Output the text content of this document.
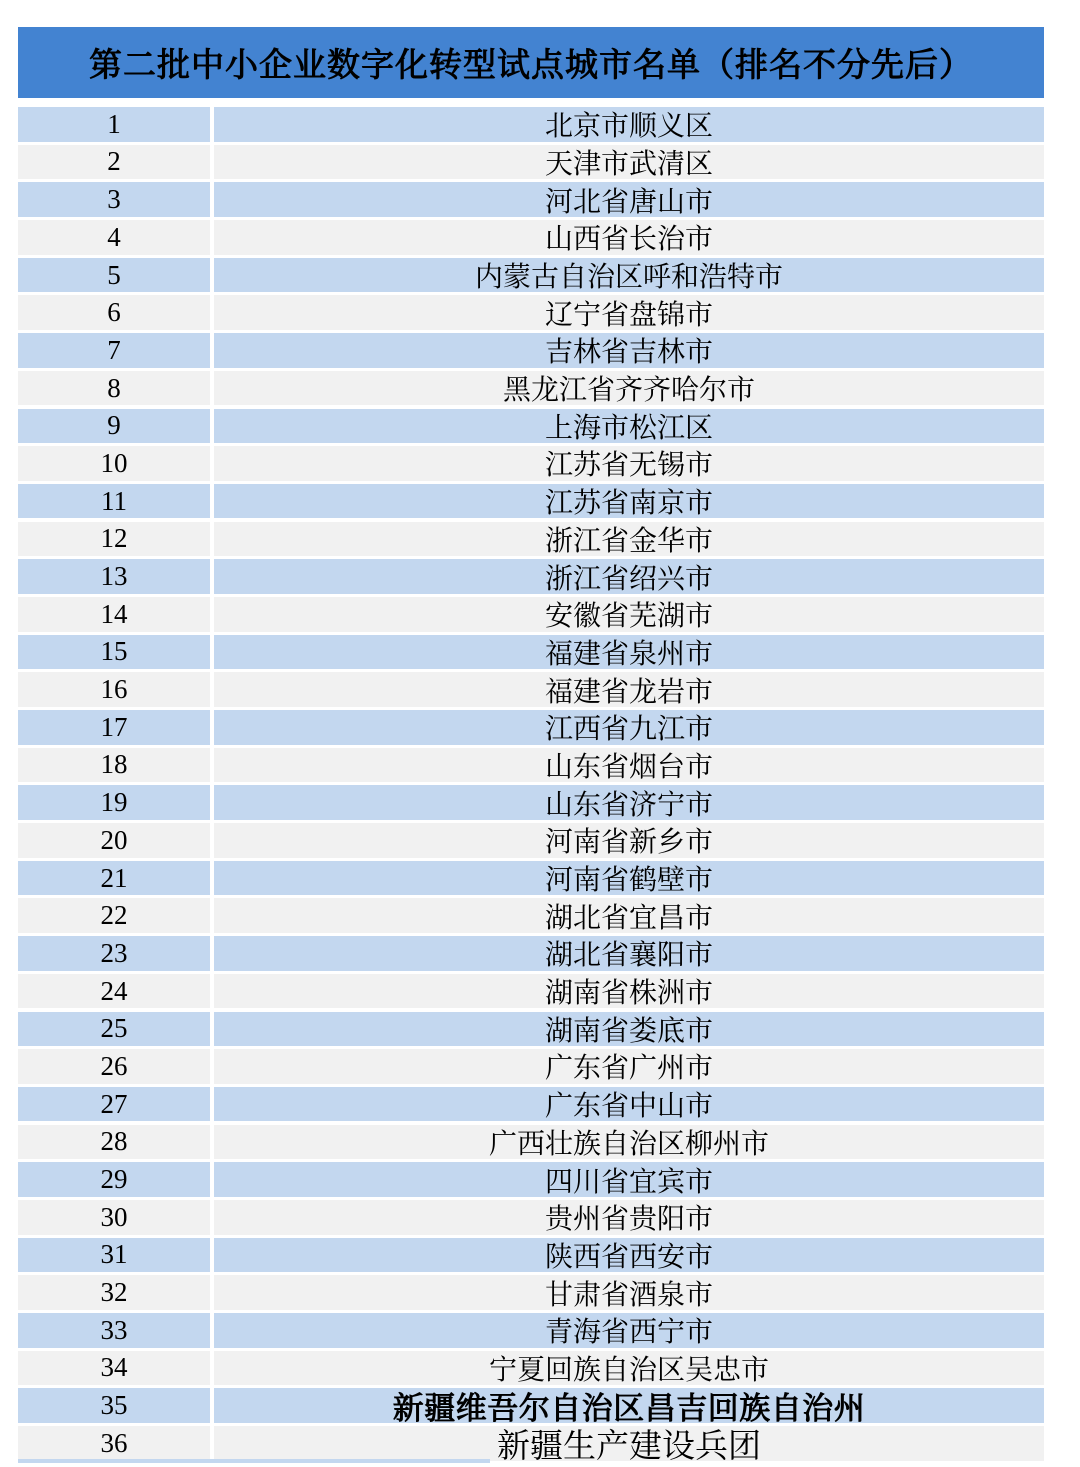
第二批中小企业数字化转型试点城市名单（排名不分先后）
1	北京市顺义区
2	天津市武清区
3	河北省唐山市
4	山西省长治市
5	内蒙古自治区呼和浩特市
6	辽宁省盘锦市
7	吉林省吉林市
8	黑龙江省齐齐哈尔市
9	上海市松江区
10	江苏省无锡市
11	江苏省南京市
12	浙江省金华市
13	浙江省绍兴市
14	安徽省芜湖市
15	福建省泉州市
16	福建省龙岩市
17	江西省九江市
18	山东省烟台市
19	山东省济宁市
20	河南省新乡市
21	河南省鹤壁市
22	湖北省宜昌市
23	湖北省襄阳市
24	湖南省株洲市
25	湖南省娄底市
26	广东省广州市
27	广东省中山市
28	广西壮族自治区柳州市
29	四川省宜宾市
30	贵州省贵阳市
31	陕西省西安市
32	甘肃省酒泉市
33	青海省西宁市
34	宁夏回族自治区吴忠市
35	新疆维吾尔自治区昌吉回族自治州
36	新疆生产建设兵团
